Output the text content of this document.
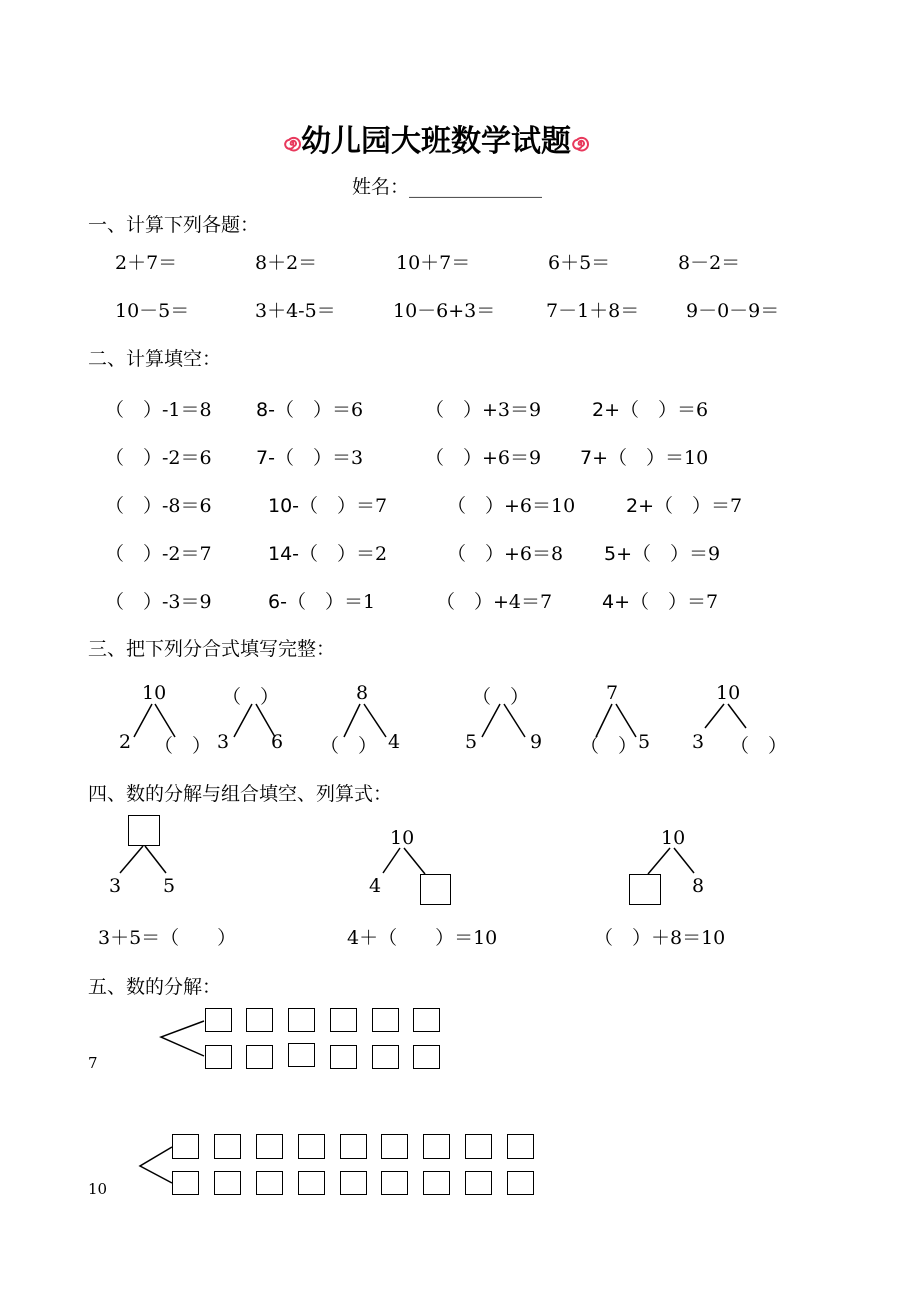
幼儿园大班数学试题
姓名：______________
一、计算下列各题：
2＋7＝	8＋2＝	10＋7＝	6＋5＝	8－2＝
10－5＝	3＋4-5＝	10－6+3＝	7－1＋8＝ 9－0－9＝
二、计算填空：
（　）-1＝8 8-（　）＝6	（　）+3＝9	2+（　）＝6
（　）-2＝6 7-（　）＝3	（　）+6＝9 7+（　）＝10
（　）-8＝6	10-（　）＝7	（　）+6＝10	2+（　）＝7
（　）-2＝7	14-（　）＝2	（　）+6＝8 5+（　）＝9
（　）-3＝9	6-（　）＝1	（　）+4＝7	4+（　）＝7
三、把下列分合式填写完整：
10
2 （　）
（　）
3 6
8
（　） 4
（　）
5	9
7
（　） 5
10
3 （　）
四、数的分解与组合填空、列算式：
3 5
3＋5＝（　　）
10
4
4＋（　　）＝10
10
8
（　）＋8＝10
五、数的分解：
7
10
